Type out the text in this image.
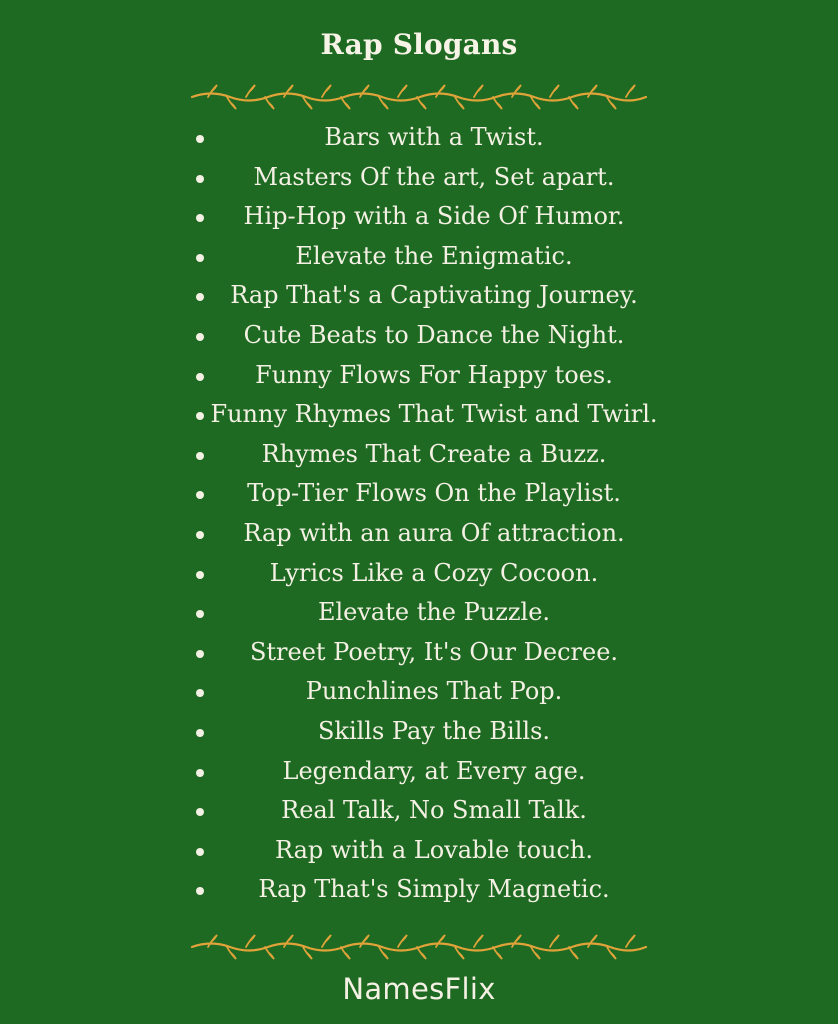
Rap Slogans
Bars with a Twist.
Masters Of the art, Set apart.
Hip-Hop with a Side Of Humor.
Elevate the Enigmatic.
Rap That's a Captivating Journey.
Cute Beats to Dance the Night.
Funny Flows For Happy toes.
Funny Rhymes That Twist and Twirl.
Rhymes That Create a Buzz.
Top-Tier Flows On the Playlist.
Rap with an aura Of attraction.
Lyrics Like a Cozy Cocoon.
Elevate the Puzzle.
Street Poetry, It's Our Decree.
Punchlines That Pop.
Skills Pay the Bills.
Legendary, at Every age.
Real Talk, No Small Talk.
Rap with a Lovable touch.
Rap That's Simply Magnetic.
NamesFlix
